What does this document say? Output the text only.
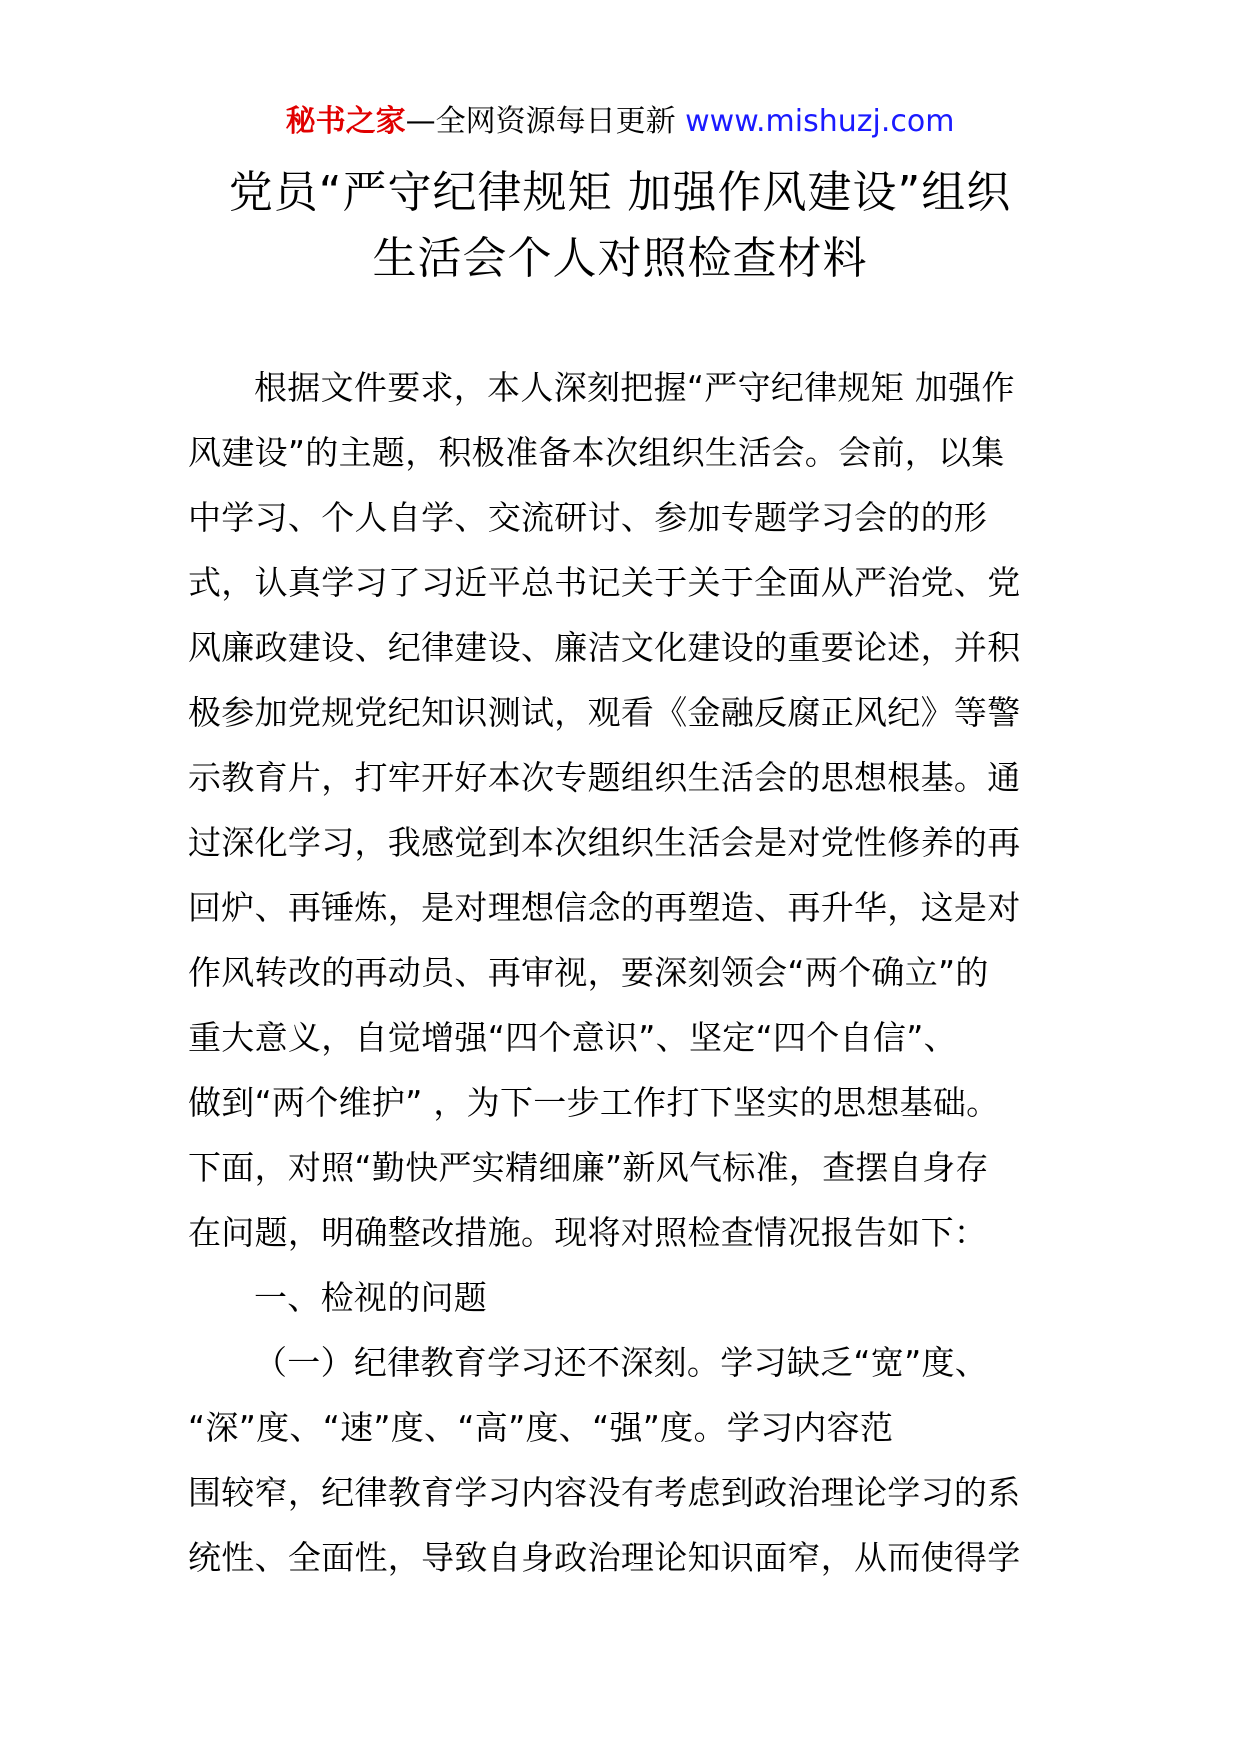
秘书之家—全网资源每日更新 www.mishuzj.com
党员“严守纪律规矩 加强作风建设”组织
生活会个人对照检查材料

根据文件要求，本人深刻把握“严守纪律规矩 加强作

风建设”的主题，积极准备本次组织生活会。会前，以集

中学习、个人自学、交流研讨、参加专题学习会的的形

式，认真学习了习近平总书记关于关于全面从严治党、党

风廉政建设、纪律建设、廉洁文化建设的重要论述，并积

极参加党规党纪知识测试，观看《金融反腐正风纪》等警

示教育片，打牢开好本次专题组织生活会的思想根基。通

过深化学习，我感觉到本次组织生活会是对党性修养的再

回炉、再锤炼，是对理想信念的再塑造、再升华，这是对

作风转改的再动员、再审视，要深刻领会“两个确立”的

重大意义，自觉增强“四个意识”、坚定“四个自信”、

做到“两个维护” ，为下一步工作打下坚实的思想基础。

下面，对照“勤快严实精细廉”新风气标准，查摆自身存

在问题，明确整改措施。现将对照检查情况报告如下：

一、检视的问题

（一）纪律教育学习还不深刻。学习缺乏“宽”度、

“深”度、“速”度、“高”度、“强”度。学习内容范

围较窄，纪律教育学习内容没有考虑到政治理论学习的系

统性、全面性，导致自身政治理论知识面窄，从而使得学
